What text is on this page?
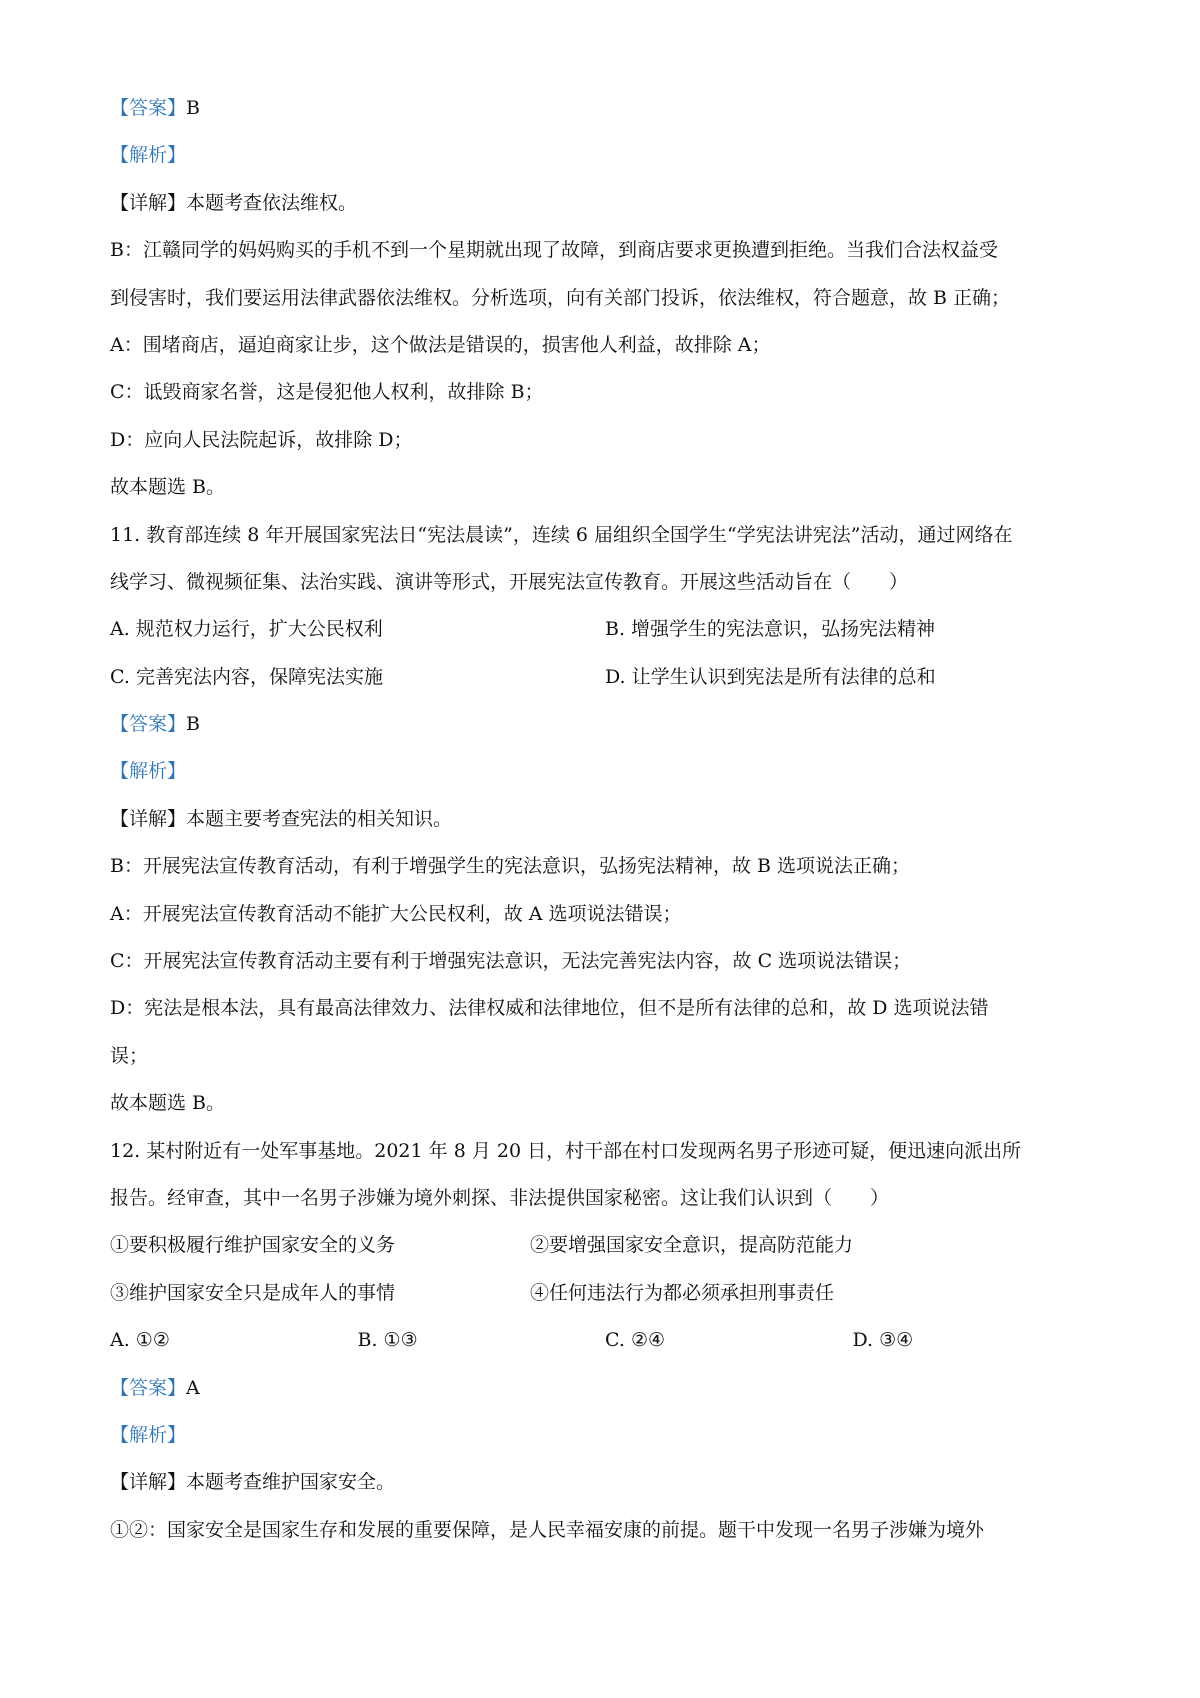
【答案】B
【解析】
【详解】本题考查依法维权。
B：江赣同学的妈妈购买的手机不到一个星期就出现了故障，到商店要求更换遭到拒绝。当我们合法权益受
到侵害时，我们要运用法律武器依法维权。分析选项，向有关部门投诉，依法维权，符合题意，故 B 正确；
A：围堵商店，逼迫商家让步，这个做法是错误的，损害他人利益，故排除 A；
C：诋毁商家名誉，这是侵犯他人权利，故排除 B；
D：应向人民法院起诉，故排除 D；
故本题选 B。
11. 教育部连续 8 年开展国家宪法日“宪法晨读”，连续 6 届组织全国学生“学宪法讲宪法”活动，通过网络在
线学习、微视频征集、法治实践、演讲等形式，开展宪法宣传教育。开展这些活动旨在（　　）
A. 规范权力运行，扩大公民权利	B. 增强学生的宪法意识，弘扬宪法精神
C. 完善宪法内容，保障宪法实施	D. 让学生认识到宪法是所有法律的总和
【答案】B
【解析】
【详解】本题主要考查宪法的相关知识。
B：开展宪法宣传教育活动，有利于增强学生的宪法意识，弘扬宪法精神，故 B 选项说法正确；
A：开展宪法宣传教育活动不能扩大公民权利，故 A 选项说法错误；
C：开展宪法宣传教育活动主要有利于增强宪法意识，无法完善宪法内容，故 C 选项说法错误；
D：宪法是根本法，具有最高法律效力、法律权威和法律地位，但不是所有法律的总和，故 D 选项说法错
误；
故本题选 B。
12. 某村附近有一处军事基地。2021 年 8 月 20 日，村干部在村口发现两名男子形迹可疑，便迅速向派出所
报告。经审查，其中一名男子涉嫌为境外刺探、非法提供国家秘密。这让我们认识到（　　）
①要积极履行维护国家安全的义务	②要增强国家安全意识，提高防范能力
③维护国家安全只是成年人的事情	④任何违法行为都必须承担刑事责任
A. ①②	B. ①③	C. ②④	D. ③④
【答案】A
【解析】
【详解】本题考查维护国家安全。
①②：国家安全是国家生存和发展的重要保障，是人民幸福安康的前提。题干中发现一名男子涉嫌为境外
